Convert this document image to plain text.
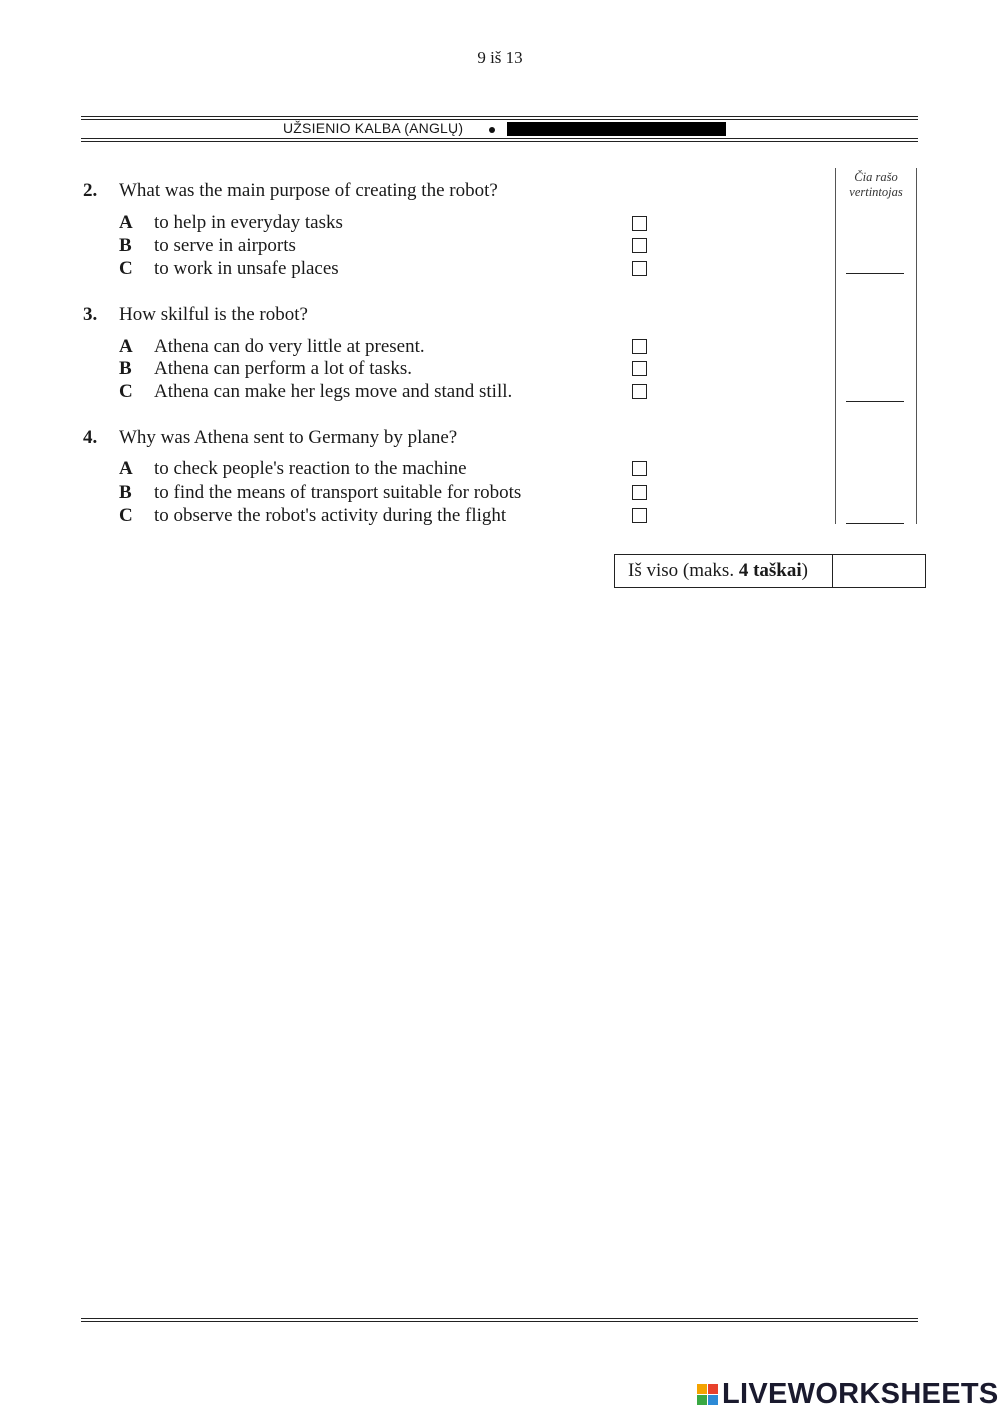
9 iš 13
UŽSIENIO KALBA (ANGLŲ)
Čia rašo
vertintojas
2. What was the main purpose of creating the robot?
A to help in everyday tasks
B to serve in airports
C to work in unsafe places
3. How skilful is the robot?
A Athena can do very little at present.
B Athena can perform a lot of tasks.
C Athena can make her legs move and stand still.
4. Why was Athena sent to Germany by plane?
A to check people's reaction to the machine
B to find the means of transport suitable for robots
C to observe the robot's activity during the flight
Iš viso (maks. 4 taškai)
LIVEWORKSHEETS
